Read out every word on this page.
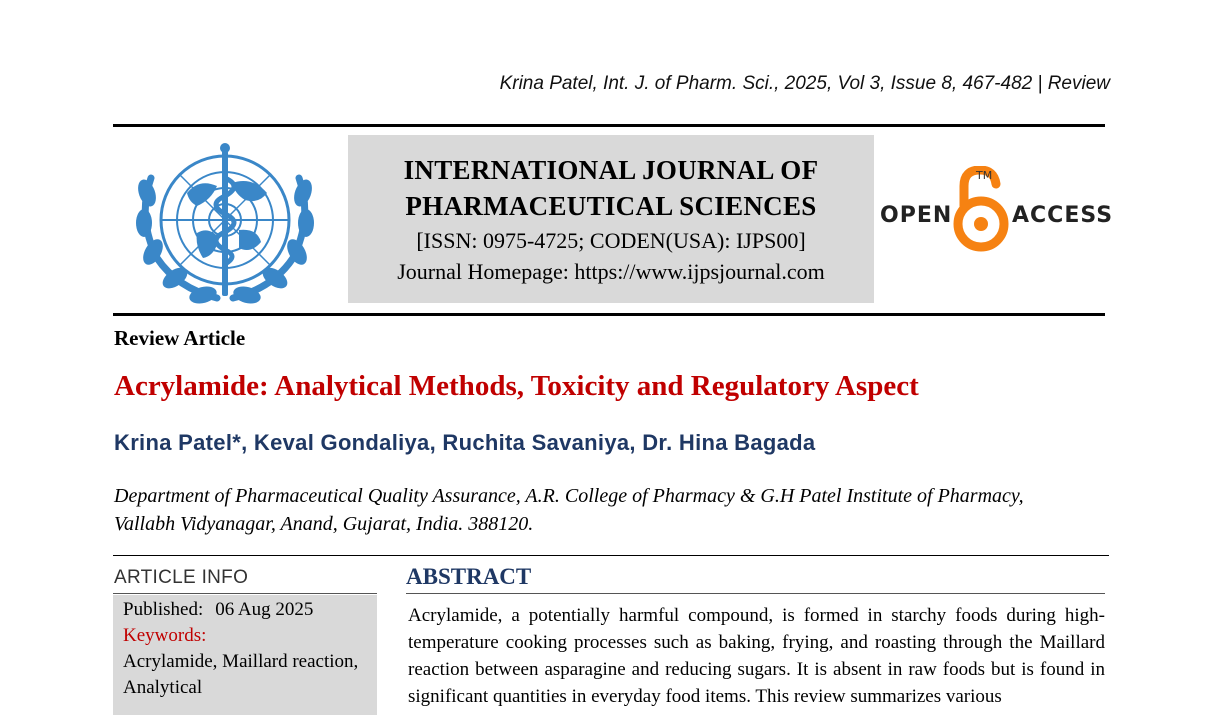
Krina Patel, Int. J. of Pharm. Sci., 2025, Vol 3, Issue 8, 467-482 | Review
INTERNATIONAL JOURNAL OF
PHARMACEUTICAL SCIENCES
[ISSN: 0975-4725; CODEN(USA): IJPS00]
Journal Homepage: https://www.ijpsjournal.com
OPEN
TM
ACCESS
Review Article
Acrylamide: Analytical Methods, Toxicity and Regulatory Aspect
Krina Patel*, Keval Gondaliya, Ruchita Savaniya, Dr. Hina Bagada
Department of Pharmaceutical Quality Assurance, A.R. College of Pharmacy & G.H Patel Institute of Pharmacy, Vallabh Vidyanagar, Anand, Gujarat, India. 388120.
ARTICLE INFO
Published: 06 Aug 2025
Keywords:
Acrylamide, Maillard reaction, Analytical
ABSTRACT
Acrylamide, a potentially harmful compound, is formed in starchy foods during high-temperature cooking processes such as baking, frying, and roasting through the Maillard reaction between asparagine and reducing sugars. It is absent in raw foods but is found in significant quantities in everyday food items. This review summarizes various
